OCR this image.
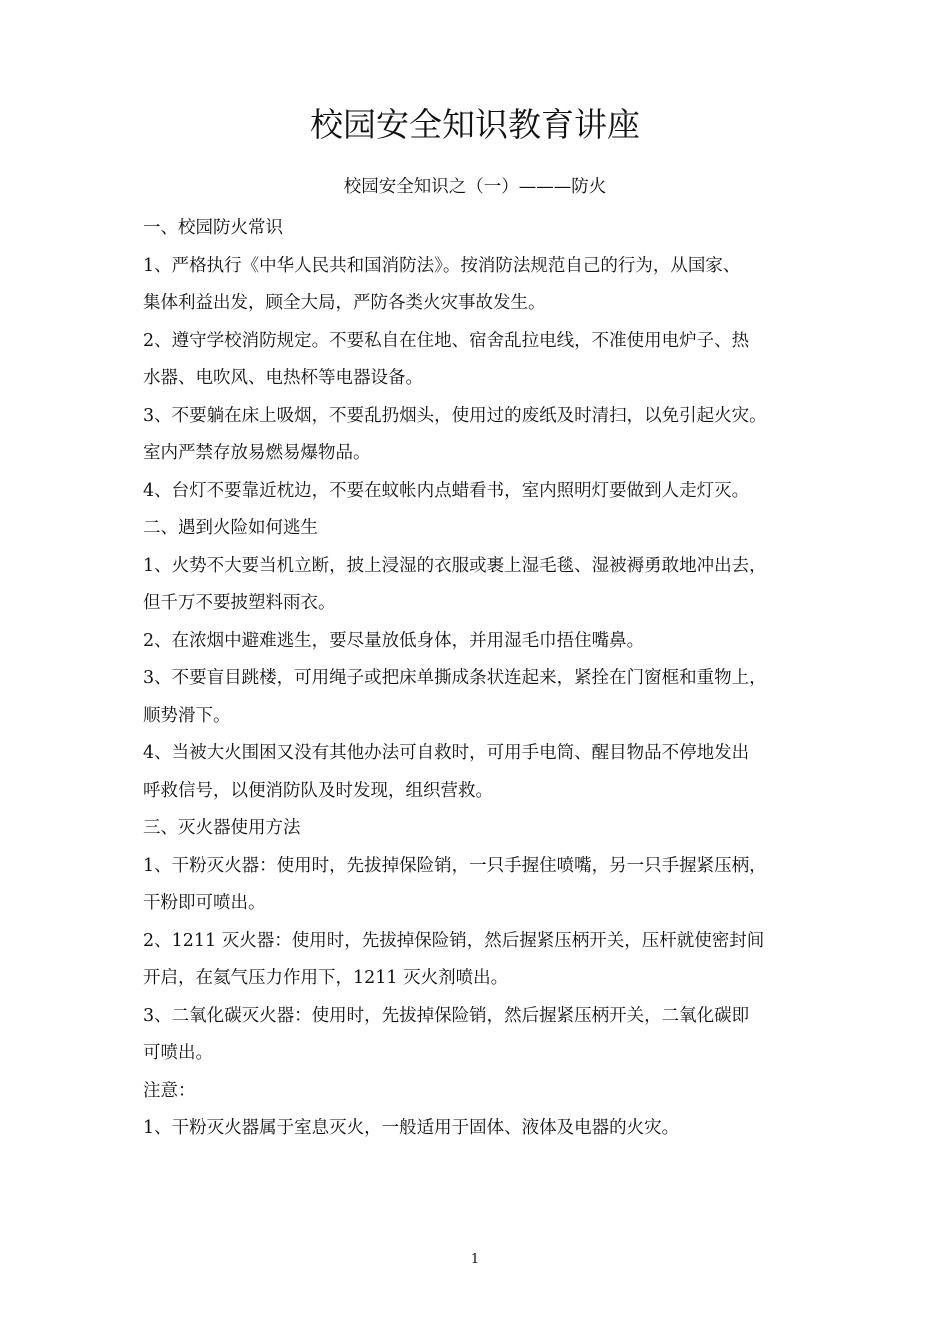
校园安全知识教育讲座
校园安全知识之（一）———防火
一、校园防火常识
1、严格执行《中华人民共和国消防法》。按消防法规范自己的行为，从国家、
集体利益出发，顾全大局，严防各类火灾事故发生。
2、遵守学校消防规定。不要私自在住地、宿舍乱拉电线，不准使用电炉子、热
水器、电吹风、电热杯等电器设备。
3、不要躺在床上吸烟，不要乱扔烟头，使用过的废纸及时清扫，以免引起火灾。
室内严禁存放易燃易爆物品。
4、台灯不要靠近枕边，不要在蚊帐内点蜡看书，室内照明灯要做到人走灯灭。
二、遇到火险如何逃生
1、火势不大要当机立断，披上浸湿的衣服或裹上湿毛毯、湿被褥勇敢地冲出去，
但千万不要披塑料雨衣。
2、在浓烟中避难逃生，要尽量放低身体，并用湿毛巾捂住嘴鼻。
3、不要盲目跳楼，可用绳子或把床单撕成条状连起来，紧拴在门窗框和重物上，
顺势滑下。
4、当被大火围困又没有其他办法可自救时，可用手电筒、醒目物品不停地发出
呼救信号，以便消防队及时发现，组织营救。
三、灭火器使用方法
1、干粉灭火器：使用时，先拔掉保险销，一只手握住喷嘴，另一只手握紧压柄，
干粉即可喷出。
2、1211 灭火器：使用时，先拔掉保险销，然后握紧压柄开关，压杆就使密封间
开启，在氦气压力作用下，1211 灭火剂喷出。
3、二氧化碳灭火器：使用时，先拔掉保险销，然后握紧压柄开关，二氧化碳即
可喷出。
注意：
1、干粉灭火器属于室息灭火，一般适用于固体、液体及电器的火灾。
1
